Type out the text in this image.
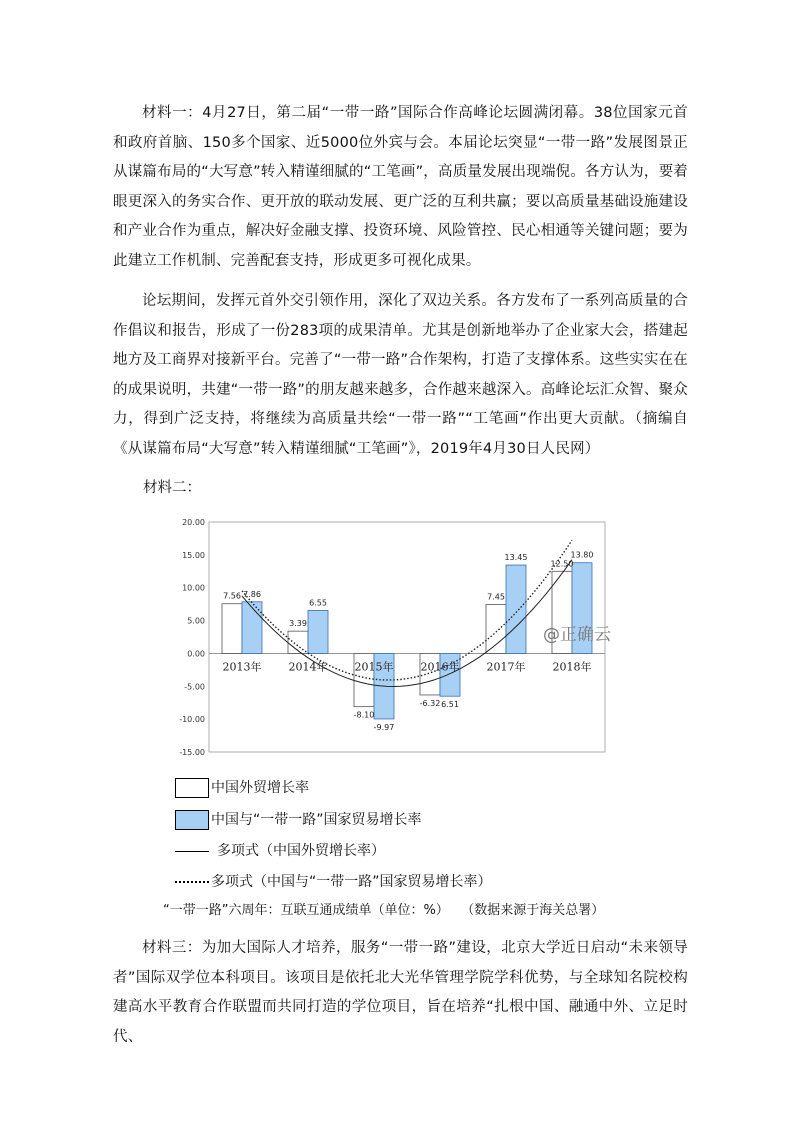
材料一：4月27日，第二届“一带一路”国际合作高峰论坛圆满闭幕。38位国家元首和政府首脑、150多个国家、近5000位外宾与会。本届论坛突显“一带一路”发展图景正从谋篇布局的“大写意”转入精谨细腻的“工笔画”，高质量发展出现端倪。各方认为，要着眼更深入的务实合作、更开放的联动发展、更广泛的互利共赢；要以高质量基础设施建设和产业合作为重点，解决好金融支撑、投资环境、风险管控、民心相通等关键问题；要为此建立工作机制、完善配套支持，形成更多可视化成果。

论坛期间，发挥元首外交引领作用，深化了双边关系。各方发布了一系列高质量的合作倡议和报告，形成了一份283项的成果清单。尤其是创新地举办了企业家大会，搭建起地方及工商界对接新平台。完善了“一带一路”合作架构，打造了支撑体系。这些实实在在的成果说明，共建“一带一路”的朋友越来越多，合作越来越深入。高峰论坛汇众智、聚众力，得到广泛支持，将继续为高质量共绘“一带一路”“工笔画”作出更大贡献。（摘编自《从谋篇布局“大写意”转入精谨细腻“工笔画”》，2019年4月30日人民网）

材料二：
20.00
15.00
10.00
5.00
0.00
-5.00
-10.00
-15.00
7.56 7.86
2013年
3.39
6.55
2014年
-8.10
-9.97
2015年
-6.32 6.51
2016年
7.45
13.45
2017年
12.50
13.80
2018年
@正确云
中国外贸增长率
中国与“一带一路”国家贸易增长率
多项式（中国外贸增长率）
多项式（中国与“一带一路”国家贸易增长率）
“一带一路”六周年：互联互通成绩单（单位：%）   （数据来源于海关总署）

材料三：为加大国际人才培养，服务“一带一路”建设，北京大学近日启动“未来领导者”国际双学位本科项目。该项目是依托北大光华管理学院学科优势，与全球知名院校构建高水平教育合作联盟而共同打造的学位项目，旨在培养“扎根中国、融通中外、立足时代、
